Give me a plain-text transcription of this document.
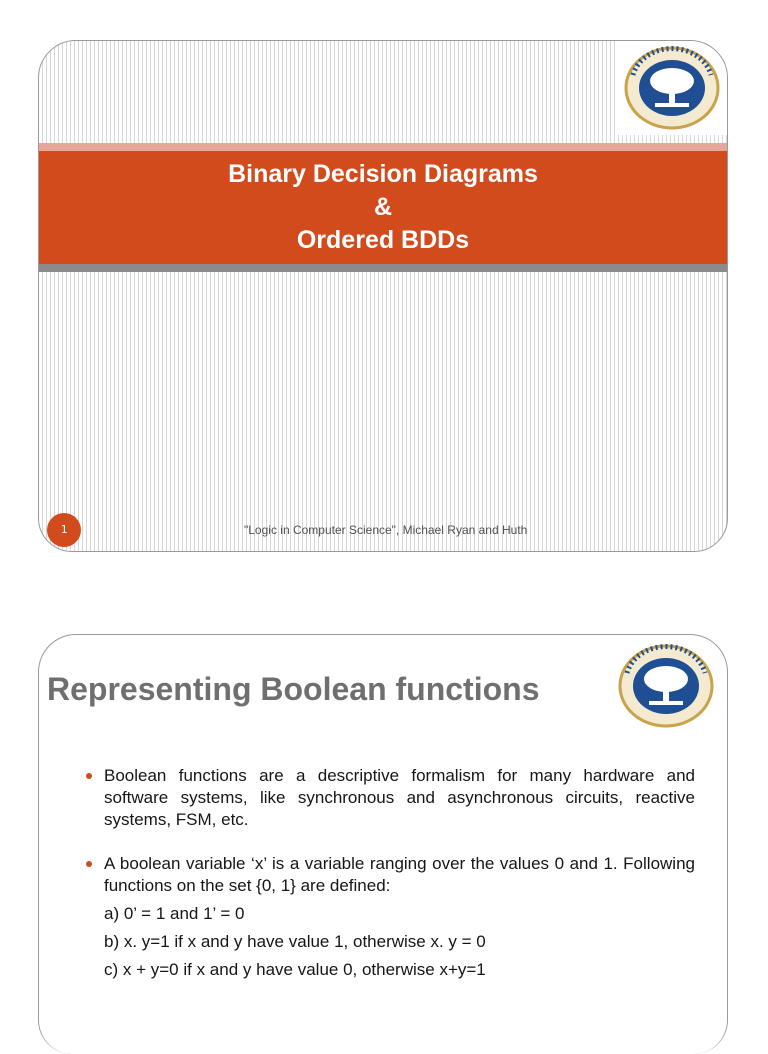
Binary Decision Diagrams
&
Ordered BDDs
1	"Logic in Computer Science", Michael Ryan and Huth
Representing Boolean functions
Boolean functions are a descriptive formalism for many hardware and software systems, like synchronous and asynchronous circuits, reactive systems, FSM, etc.
A boolean variable ‘x’ is a variable ranging over the values 0 and 1. Following functions on the set {0, 1} are defined:
a) 0’ = 1 and 1’ = 0
b) x. y=1 if x and y have value 1, otherwise x. y = 0
c) x + y=0 if x and y have value 0, otherwise x+y=1
